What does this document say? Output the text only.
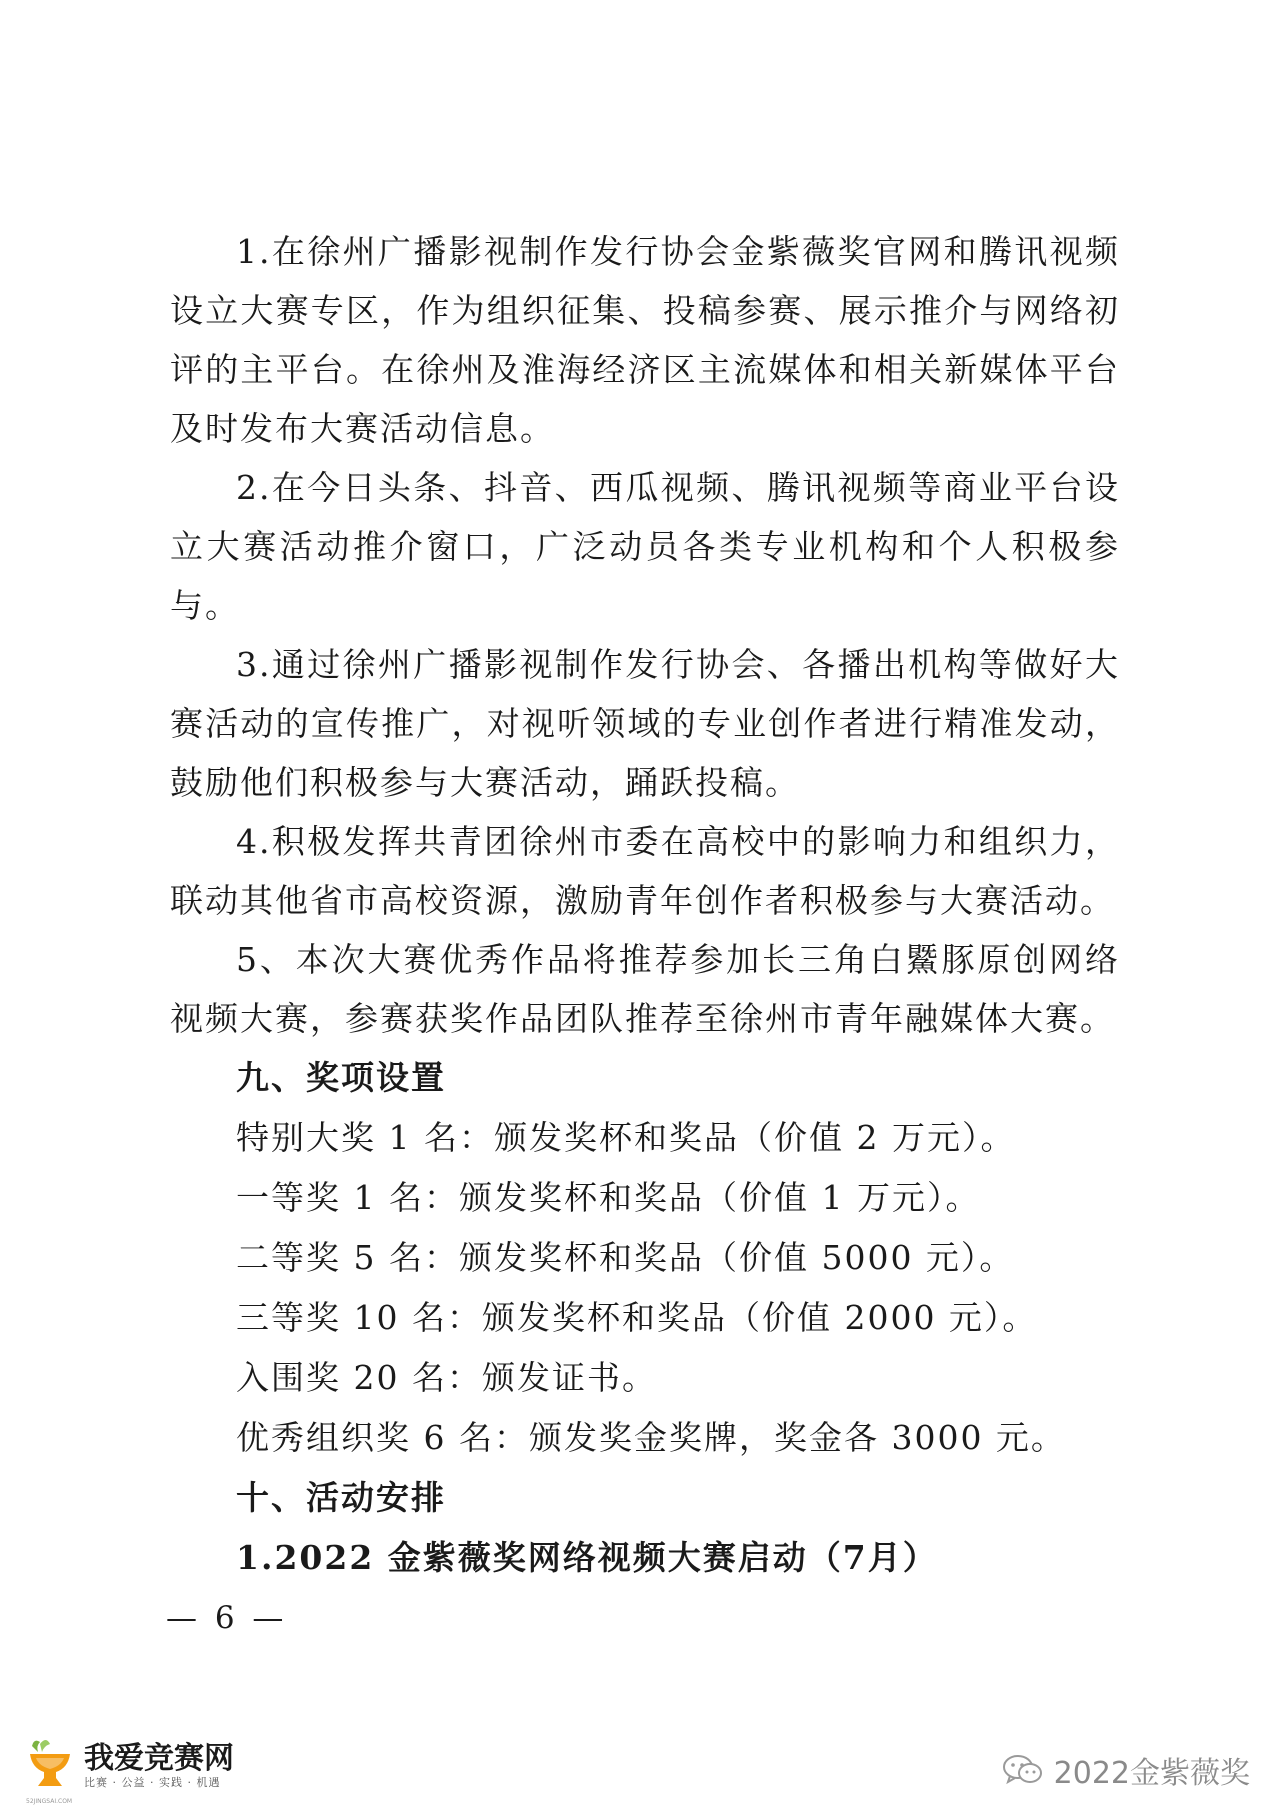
1.在徐州广播影视制作发行协会金紫薇奖官网和腾讯视频设立大赛专区，作为组织征集、投稿参赛、展示推介与网络初评的主平台。在徐州及淮海经济区主流媒体和相关新媒体平台及时发布大赛活动信息。

2.在今日头条、抖音、西瓜视频、腾讯视频等商业平台设立大赛活动推介窗口，广泛动员各类专业机构和个人积极参与。

3.通过徐州广播影视制作发行协会、各播出机构等做好大赛活动的宣传推广，对视听领域的专业创作者进行精准发动，鼓励他们积极参与大赛活动，踊跃投稿。

4.积极发挥共青团徐州市委在高校中的影响力和组织力，联动其他省市高校资源，激励青年创作者积极参与大赛活动。

5、本次大赛优秀作品将推荐参加长三角白鱀豚原创网络视频大赛，参赛获奖作品团队推荐至徐州市青年融媒体大赛。

九、奖项设置

特别大奖 1 名：颁发奖杯和奖品（价值 2 万元）。

一等奖 1 名：颁发奖杯和奖品（价值 1 万元）。

二等奖 5 名：颁发奖杯和奖品（价值 5000 元）。

三等奖 10 名：颁发奖杯和奖品（价值 2000 元）。

入围奖 20 名：颁发证书。

优秀组织奖 6 名：颁发奖金奖牌，奖金各 3000 元。

十、活动安排

1.2022 金紫薇奖网络视频大赛启动（7月）

— 6 —
52JINGSAI.COM
我爱竞赛网
比赛 · 公益 · 实践 · 机遇	2022金紫薇奖
